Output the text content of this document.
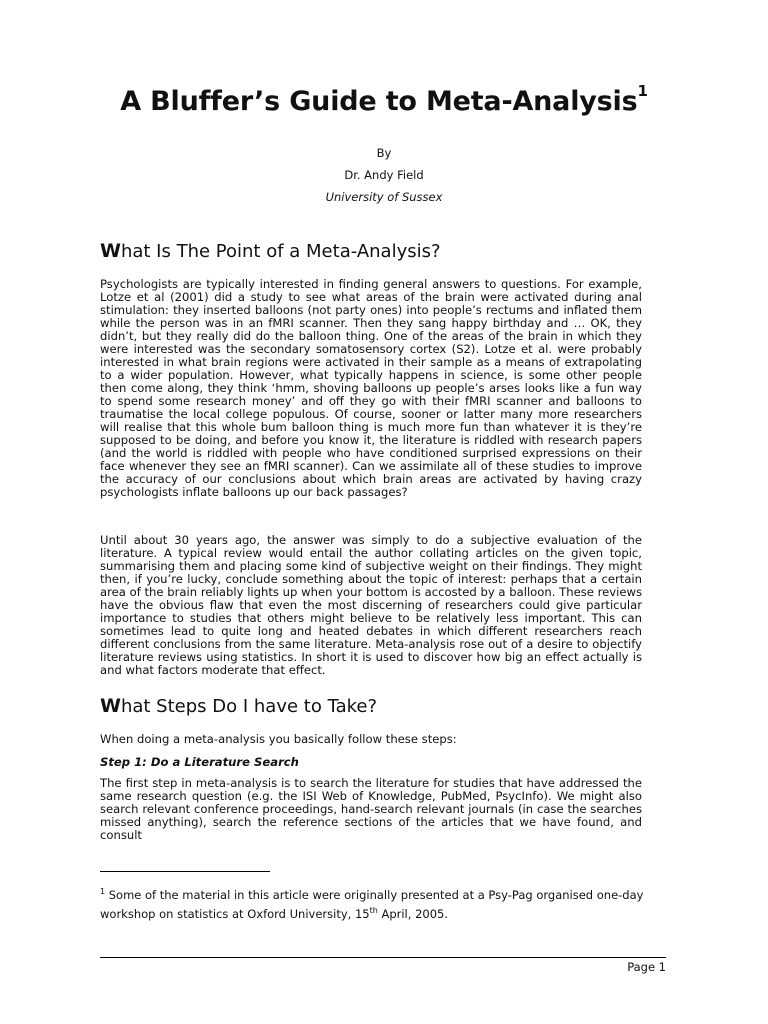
A Bluffer’s Guide to Meta-Analysis$^1$
By
Dr. Andy Field
University of Sussex
What Is The Point of a Meta-Analysis?

Psychologists are typically interested in finding general answers to questions. For example, Lotze et al (2001) did a study to see what areas of the brain were activated during anal stimulation: they inserted balloons (not party ones) into people’s rectums and inflated them while the person was in an fMRI scanner. Then they sang happy birthday and … OK, they didn’t, but they really did do the balloon thing. One of the areas of the brain in which they were interested was the secondary somatosensory cortex (S2). Lotze et al. were probably interested in what brain regions were activated in their sample as a means of extrapolating to a wider population. However, what typically happens in science, is some other people then come along, they think ‘hmm, shoving balloons up people’s arses looks like a fun way to spend some research money’ and off they go with their fMRI scanner and balloons to traumatise the local college populous. Of course, sooner or latter many more researchers will realise that this whole bum balloon thing is much more fun than whatever it is they’re supposed to be doing, and before you know it, the literature is riddled with research papers (and the world is riddled with people who have conditioned surprised expressions on their face whenever they see an fMRI scanner). Can we assimilate all of these studies to improve the accuracy of our conclusions about which brain areas are activated by having crazy psychologists inflate balloons up our back passages?

Until about 30 years ago, the answer was simply to do a subjective evaluation of the literature. A typical review would entail the author collating articles on the given topic, summarising them and placing some kind of subjective weight on their findings. They might then, if you’re lucky, conclude something about the topic of interest: perhaps that a certain area of the brain reliably lights up when your bottom is accosted by a balloon. These reviews have the obvious flaw that even the most discerning of researchers could give particular importance to studies that others might believe to be relatively less important. This can sometimes lead to quite long and heated debates in which different researchers reach different conclusions from the same literature. Meta-analysis rose out of a desire to objectify literature reviews using statistics. In short it is used to discover how big an effect actually is and what factors moderate that effect.

What Steps Do I have to Take?

When doing a meta-analysis you basically follow these steps:

Step 1: Do a Literature Search

The first step in meta-analysis is to search the literature for studies that have addressed the same research question (e.g. the ISI Web of Knowledge, PubMed, PsycInfo). We might also search relevant conference proceedings, hand-search relevant journals (in case the searches missed anything), search the reference sections of the articles that we have found, and consult

$^1$ Some of the material in this article were originally presented at a Psy-Pag organised one-day workshop on statistics at Oxford University, 15th April, 2005.

Page 1
